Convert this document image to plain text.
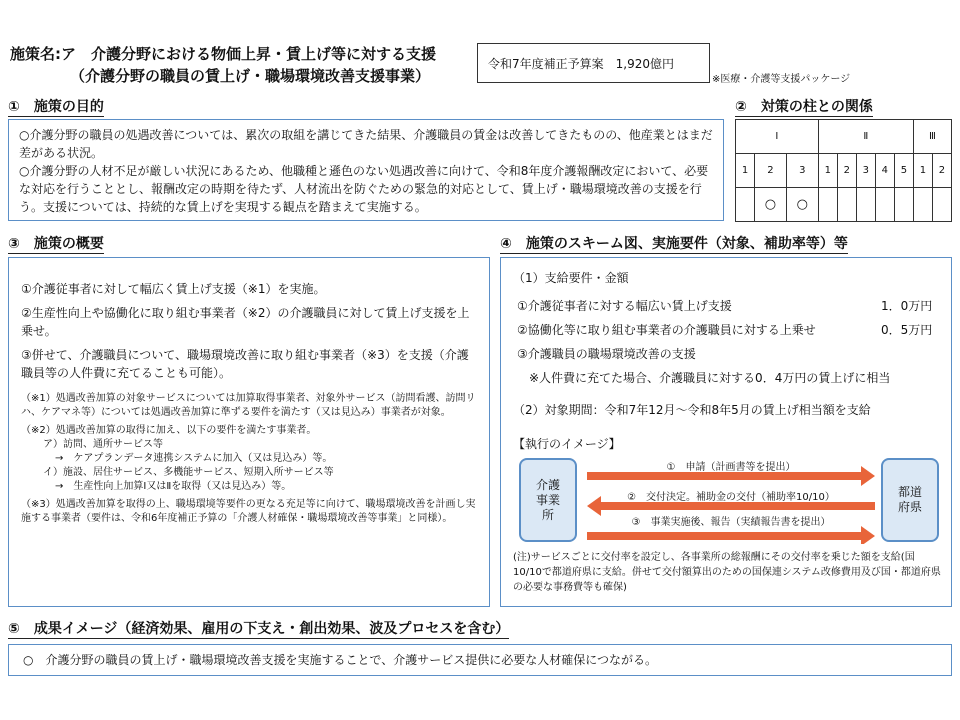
施策名:ア　介護分野における物価上昇・賃上げ等に対する支援
（介護分野の職員の賃上げ・職場環境改善支援事業）
令和7年度補正予算案　1,920億円
※医療・介護等支援パッケージ
①　施策の目的
○介護分野の職員の処遇改善については、累次の取組を講じてきた結果、介護職員の賃金は改善してきたものの、他産業とはまだ差がある状況。
○介護分野の人材不足が厳しい状況にあるため、他職種と遜色のない処遇改善に向けて、令和8年度介護報酬改定において、必要な対応を行うこととし、報酬改定の時期を待たず、人材流出を防ぐための緊急的対応として、賃上げ・職場環境改善の支援を行う。支援については、持続的な賃上げを実現する観点を踏まえて実施する。
②　対策の柱との関係
Ⅰ			Ⅱ					Ⅲ	
1	2	3	1	2	3	4	5	1	2
	○	○							
③　施策の概要
①介護従事者に対して幅広く賃上げ支援（※1）を実施。
②生産性向上や協働化に取り組む事業者（※2）の介護職員に対して賃上げ支援を上乗せ。
③併せて、介護職員について、職場環境改善に取り組む事業者（※3）を支援（介護職員等の人件費に充てることも可能）。
（※1）処遇改善加算の対象サービスについては加算取得事業者、対象外サービス（訪問看護、訪問リハ、ケアマネ等）については処遇改善加算に準ずる要件を満たす（又は見込み）事業者が対象。
（※2）処遇改善加算の取得に加え、以下の要件を満たす事業者。
ア）訪問、通所サービス等
→　ケアプランデータ連携システムに加入（又は見込み）等。
イ）施設、居住サービス、多機能サービス、短期入所サービス等
→　生産性向上加算Ⅰ又はⅡを取得（又は見込み）等。
（※3）処遇改善加算を取得の上、職場環境等要件の更なる充足等に向けて、職場環境改善を計画し実施する事業者（要件は、令和6年度補正予算の「介護人材確保・職場環境改善等事業」と同様）。
④　施策のスキーム図、実施要件（対象、補助率等）等
（1）支給要件・金額
①介護従事者に対する幅広い賃上げ支援	1．0万円
②協働化等に取り組む事業者の介護職員に対する上乗せ	0．5万円
③介護職員の職場環境改善の支援
※人件費に充てた場合、介護職員に対する0．4万円の賃上げに相当
（2）対象期間：令和7年12月～令和8年5月の賃上げ相当額を支給
【執行のイメージ】
介護事業所
都道府県
①　申請（計画書等を提出）
②　交付決定。補助金の交付（補助率10/10）
③　事業実施後、報告（実績報告書を提出）
(注)サービスごとに交付率を設定し、各事業所の総報酬にその交付率を乗じた額を支給(国10/10で都道府県に支給。併せて交付額算出のための国保連システム改修費用及び国・都道府県の必要な事務費等も確保)
⑤　成果イメージ（経済効果、雇用の下支え・創出効果、波及プロセスを含む）
○　介護分野の職員の賃上げ・職場環境改善支援を実施することで、介護サービス提供に必要な人材確保につながる。
